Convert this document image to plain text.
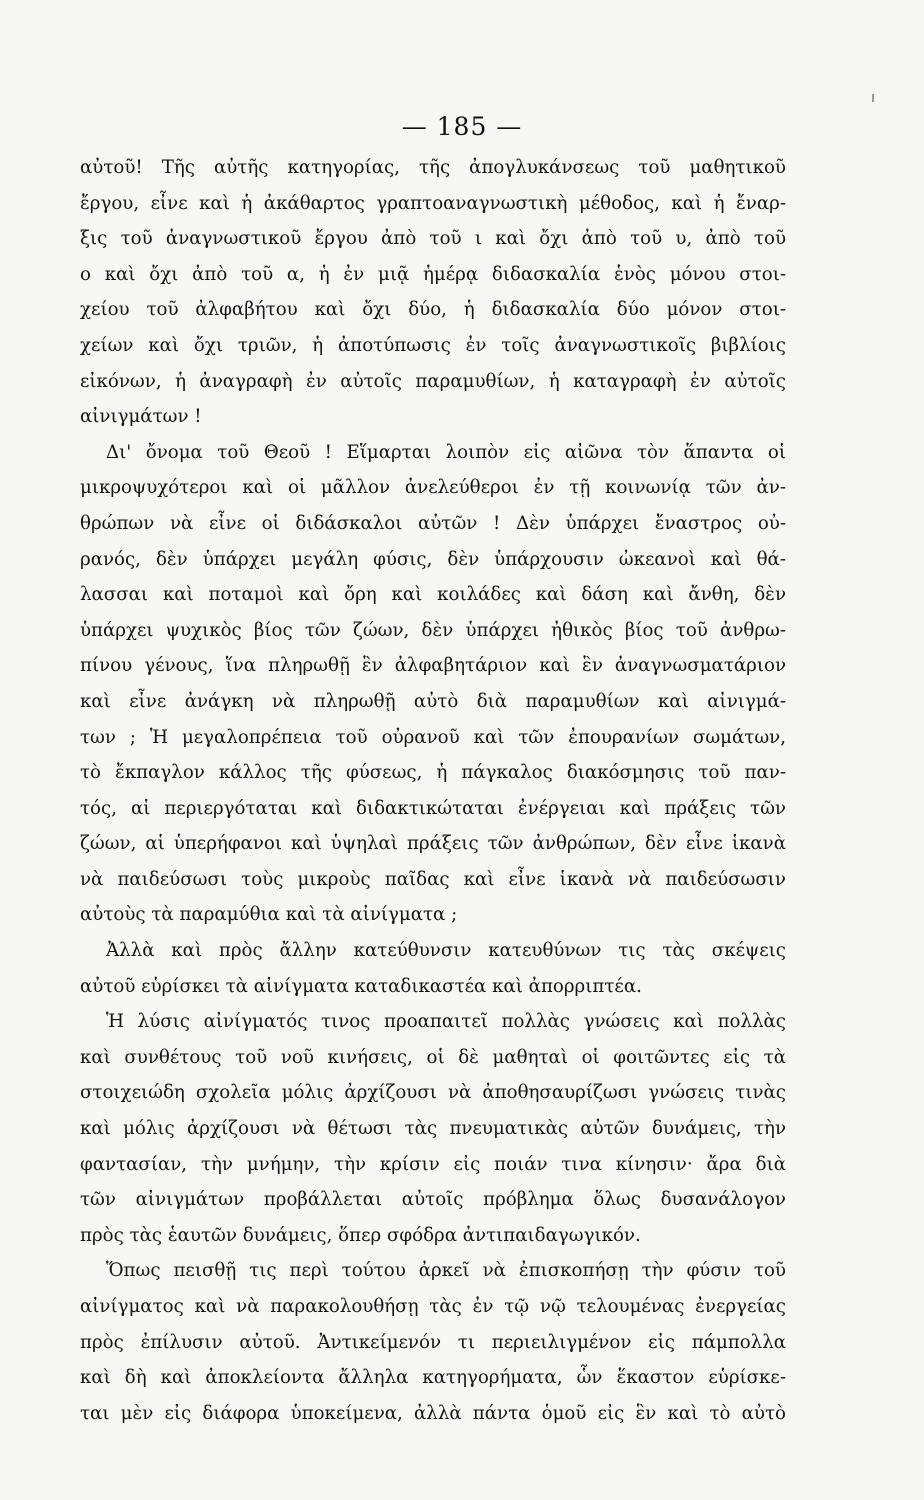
— 185 —
αὐτοῦ! Τῆς αὐτῆς κατηγορίας, τῆς ἀπογλυκάνσεως τοῦ μαθητικοῦ
ἔργου, εἶνε καὶ ἡ ἀκάθαρτος γραπτοαναγνωστικὴ μέθοδος, καὶ ἡ ἔναρ-
ξις τοῦ ἀναγνωστικοῦ ἔργου ἀπὸ τοῦ ι καὶ ὄχι ἀπὸ τοῦ υ, ἀπὸ τοῦ
ο καὶ ὄχι ἀπὸ τοῦ α, ἡ ἐν μιᾷ ἡμέρᾳ διδασκαλία ἑνὸς μόνου στοι-
χείου τοῦ ἀλφαβήτου καὶ ὄχι δύο, ἡ διδασκαλία δύο μόνον στοι-
χείων καὶ ὄχι τριῶν, ἡ ἀποτύπωσις ἐν τοῖς ἀναγνωστικοῖς βιβλίοις
εἰκόνων, ἡ ἀναγραφὴ ἐν αὐτοῖς παραμυθίων, ἡ καταγραφὴ ἐν αὐτοῖς
αἰνιγμάτων !
Δι' ὄνομα τοῦ Θεοῦ ! Εἵμαρται λοιπὸν εἰς αἰῶνα τὸν ἅπαντα οἱ
μικροψυχότεροι καὶ οἱ μᾶλλον ἀνελεύθεροι ἐν τῇ κοινωνίᾳ τῶν ἀν-
θρώπων νὰ εἶνε οἱ διδάσκαλοι αὐτῶν ! Δὲν ὑπάρχει ἔναστρος οὐ-
ρανός, δὲν ὑπάρχει μεγάλη φύσις, δὲν ὑπάρχουσιν ὠκεανοὶ καὶ θά-
λασσαι καὶ ποταμοὶ καὶ ὄρη καὶ κοιλάδες καὶ δάση καὶ ἄνθη, δὲν
ὑπάρχει ψυχικὸς βίος τῶν ζώων, δὲν ὑπάρχει ἠθικὸς βίος τοῦ ἀνθρω-
πίνου γένους, ἵνα πληρωθῇ ἓν ἀλφαβητάριον καὶ ἓν ἀναγνωσματάριον
καὶ εἶνε ἀνάγκη νὰ πληρωθῇ αὐτὸ διὰ παραμυθίων καὶ αἰνιγμά-
των ; Ἡ μεγαλοπρέπεια τοῦ οὐρανοῦ καὶ τῶν ἐπουρανίων σωμάτων,
τὸ ἔκπαγλον κάλλος τῆς φύσεως, ἡ πάγκαλος διακόσμησις τοῦ παν-
τός, αἱ περιεργόταται καὶ διδακτικώταται ἐνέργειαι καὶ πράξεις τῶν
ζώων, αἱ ὑπερήφανοι καὶ ὑψηλαὶ πράξεις τῶν ἀνθρώπων, δὲν εἶνε ἱκανὰ
νὰ παιδεύσωσι τοὺς μικροὺς παῖδας καὶ εἶνε ἱκανὰ νὰ παιδεύσωσιν
αὐτοὺς τὰ παραμύθια καὶ τὰ αἰνίγματα ;
Ἀλλὰ καὶ πρὸς ἄλλην κατεύθυνσιν κατευθύνων τις τὰς σκέψεις
αὐτοῦ εὑρίσκει τὰ αἰνίγματα καταδικαστέα καὶ ἀπορριπτέα.
Ἡ λύσις αἰνίγματός τινος προαπαιτεῖ πολλὰς γνώσεις καὶ πολλὰς
καὶ συνθέτους τοῦ νοῦ κινήσεις, οἱ δὲ μαθηταὶ οἱ φοιτῶντες εἰς τὰ
στοιχειώδη σχολεῖα μόλις ἀρχίζουσι νὰ ἀποθησαυρίζωσι γνώσεις τινὰς
καὶ μόλις ἀρχίζουσι νὰ θέτωσι τὰς πνευματικὰς αὐτῶν δυνάμεις, τὴν
φαντασίαν, τὴν μνήμην, τὴν κρίσιν εἰς ποιάν τινα κίνησιν· ἄρα διὰ
τῶν αἰνιγμάτων προβάλλεται αὐτοῖς πρόβλημα ὅλως δυσανάλογον
πρὸς τὰς ἑαυτῶν δυνάμεις, ὅπερ σφόδρα ἀντιπαιδαγωγικόν.
Ὅπως πεισθῇ τις περὶ τούτου ἀρκεῖ νὰ ἐπισκοπήσῃ τὴν φύσιν τοῦ
αἰνίγματος καὶ νὰ παρακολουθήσῃ τὰς ἐν τῷ νῷ τελουμένας ἐνεργείας
πρὸς ἐπίλυσιν αὐτοῦ. Ἀντικείμενόν τι περιειλιγμένον εἰς πάμπολλα
καὶ δὴ καὶ ἀποκλείοντα ἄλληλα κατηγορήματα, ὧν ἕκαστον εὑρίσκε-
ται μὲν εἰς διάφορα ὑποκείμενα, ἀλλὰ πάντα ὁμοῦ εἰς ἓν καὶ τὸ αὐτὸ
